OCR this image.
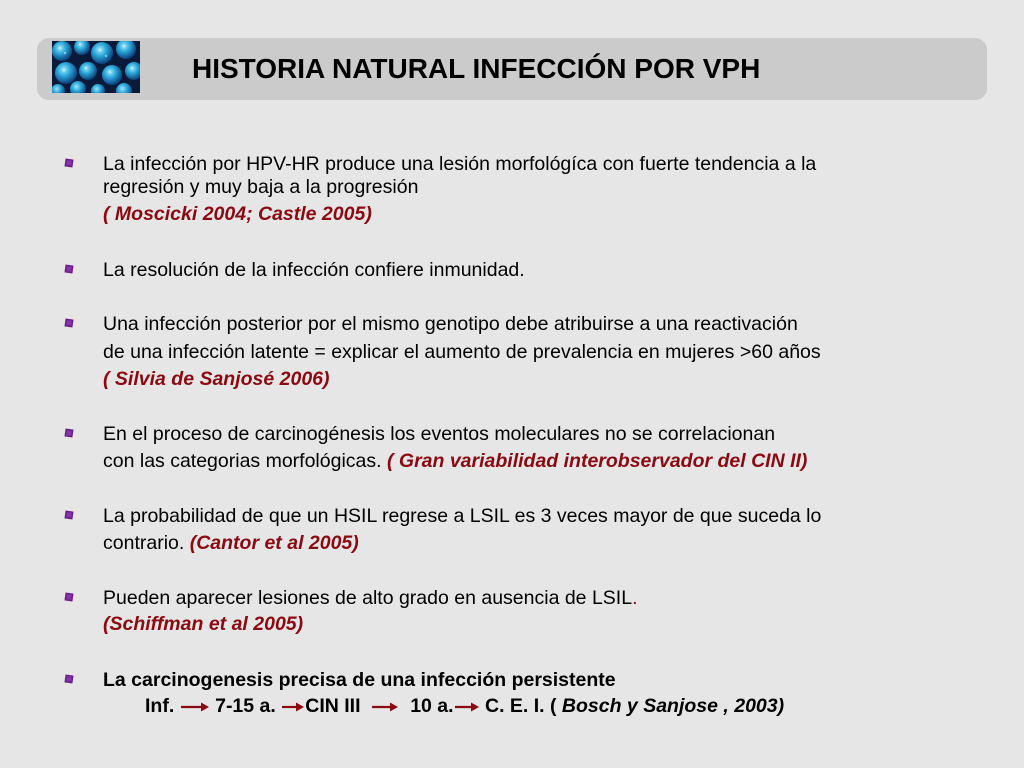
HISTORIA NATURAL INFECCIÓN POR VPH
La infección por HPV-HR produce una lesión morfológíca con fuerte tendencia a la
regresión y muy baja a la progresión
( Moscicki 2004; Castle 2005)
La resolución de la infección confiere inmunidad.
Una infección posterior por el mismo genotipo debe atribuirse a una reactivación
de una infección latente = explicar el aumento de prevalencia en mujeres >60 años
( Silvia de Sanjosé 2006)
En el proceso de carcinogénesis los eventos moleculares no se correlacionan
con las categorias morfológicas. ( Gran variabilidad interobservador del CIN II)
La probabilidad de que un HSIL regrese a LSIL es 3 veces mayor de que suceda lo
contrario. (Cantor et al 2005)
Pueden aparecer lesiones de alto grado en ausencia de LSIL.
(Schiffman et al 2005)
La carcinogenesis precisa de una infección persistente
Inf. 7-15 a. CIN III	10 a. C. E. I. ( Bosch y Sanjose , 2003)
